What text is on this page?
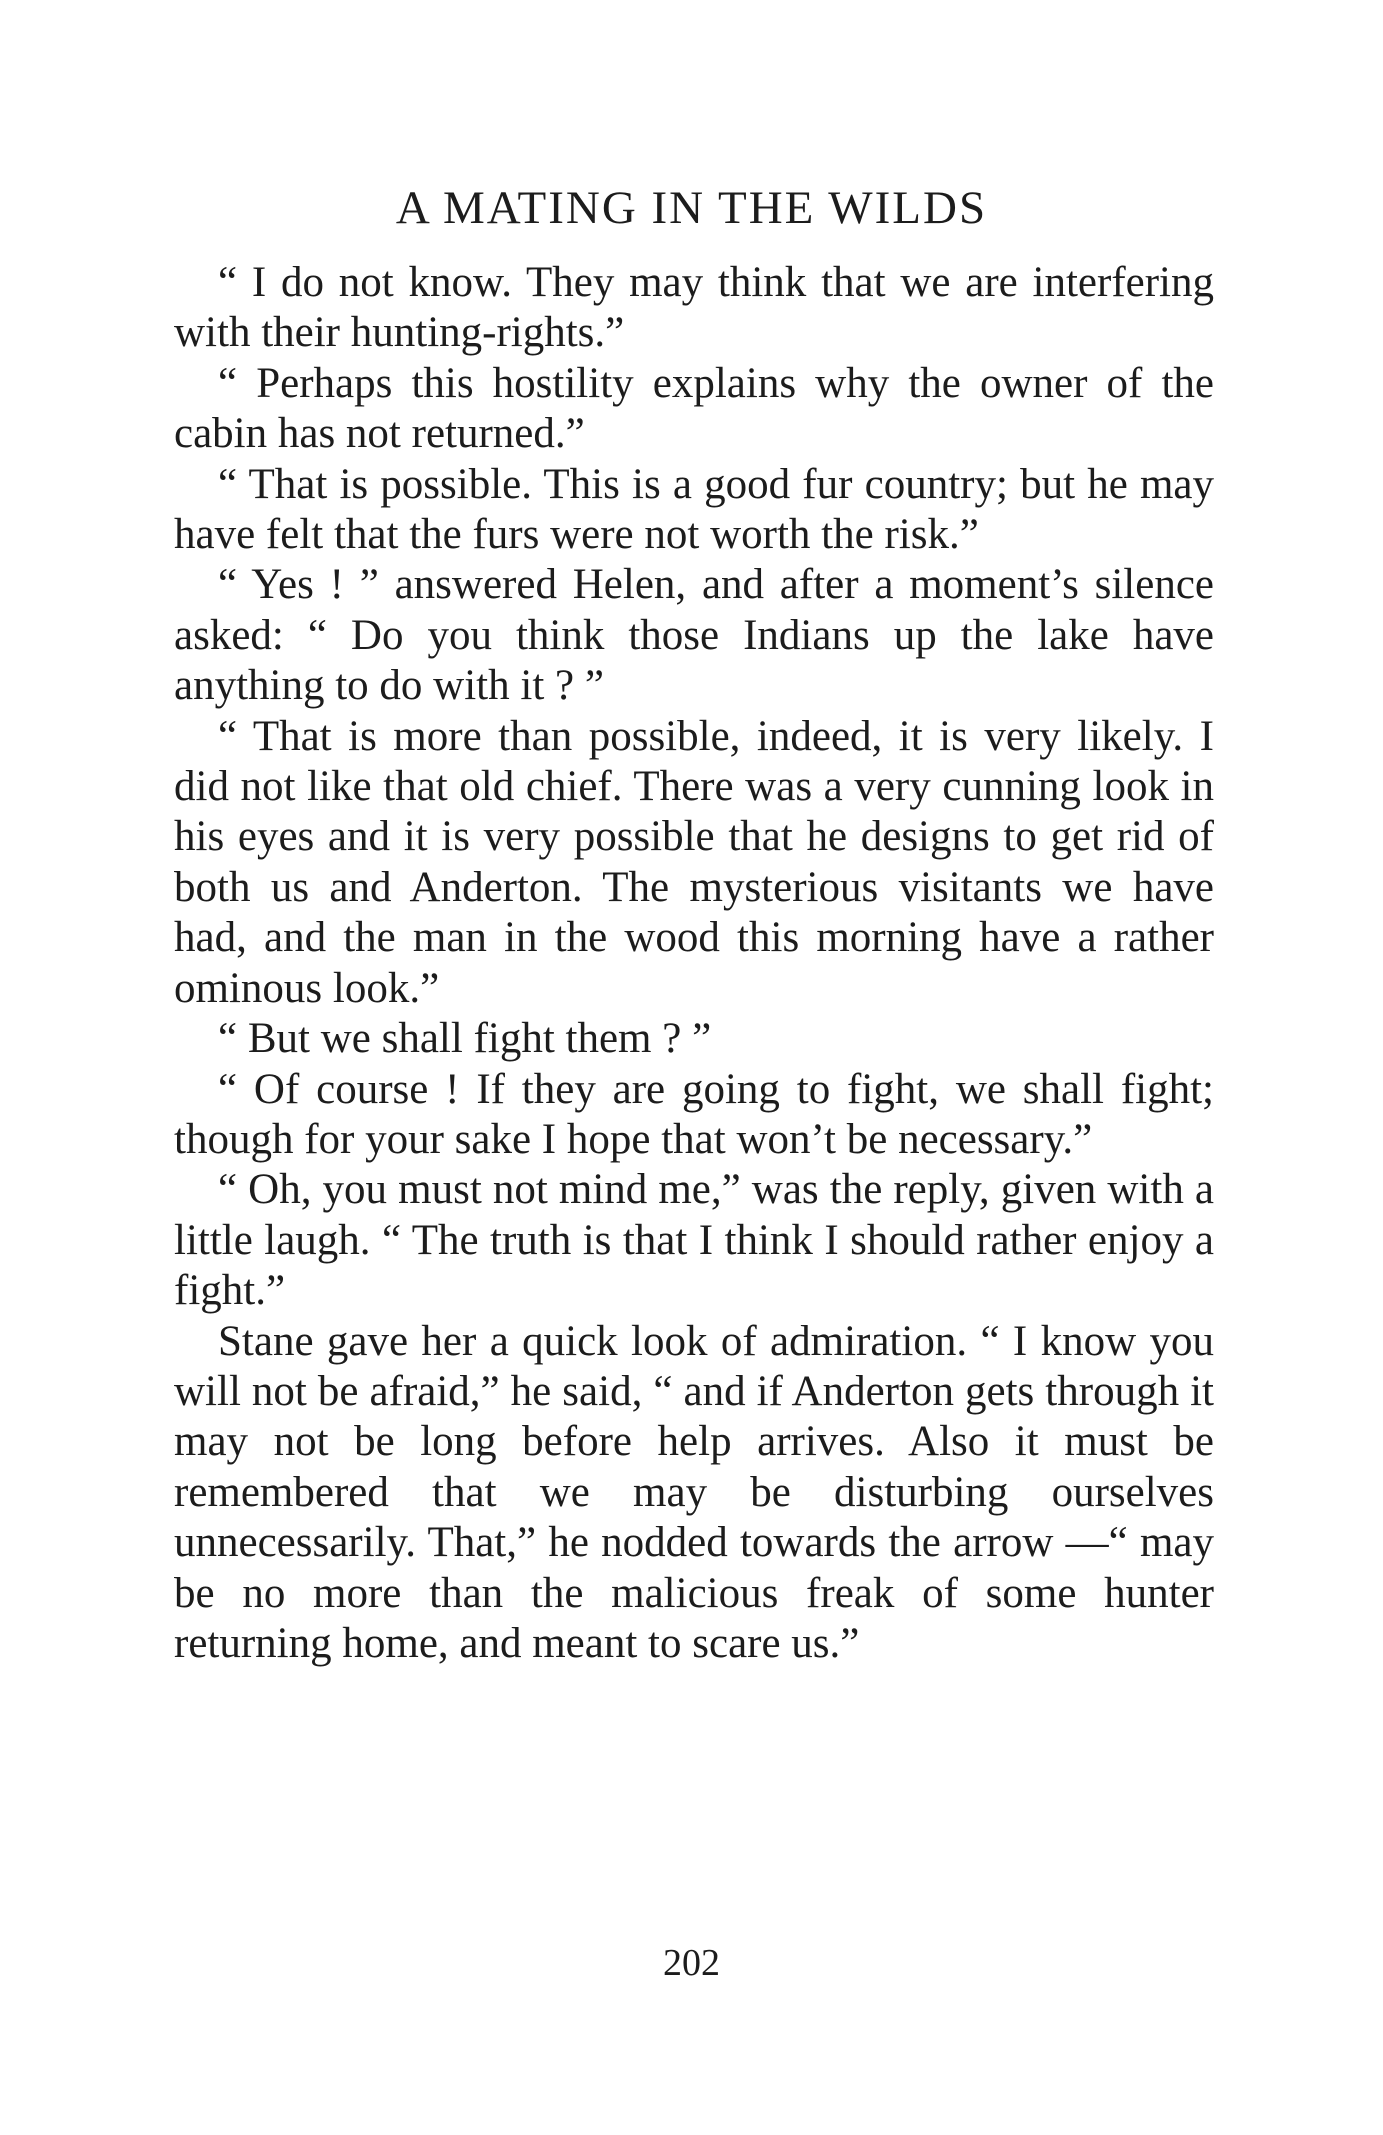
A MATING IN THE WILDS

“ I do not know. They may think that we are interfering with their hunting-rights.”

“ Perhaps this hostility explains why the owner of the cabin has not returned.”

“ That is possible. This is a good fur country; but he may have felt that the furs were not worth the risk.”

“ Yes ! ” answered Helen, and after a moment’s silence asked: “ Do you think those Indians up the lake have anything to do with it ? ”

“ That is more than possible, indeed, it is very likely. I did not like that old chief. There was a very cunning look in his eyes and it is very possible that he designs to get rid of both us and Anderton. The mysterious visitants we have had, and the man in the wood this morning have a rather ominous look.”

“ But we shall fight them ? ”

“ Of course ! If they are going to fight, we shall fight; though for your sake I hope that won’t be necessary.”

“ Oh, you must not mind me,” was the reply, given with a little laugh. “ The truth is that I think I should rather enjoy a fight.”

Stane gave her a quick look of admiration. “ I know you will not be afraid,” he said, “ and if Anderton gets through it may not be long before help arrives. Also it must be remembered that we may be disturbing ourselves unnecessarily. That,” he nodded towards the arrow —“ may be no more than the malicious freak of some hunter returning home, and meant to scare us.”

202
